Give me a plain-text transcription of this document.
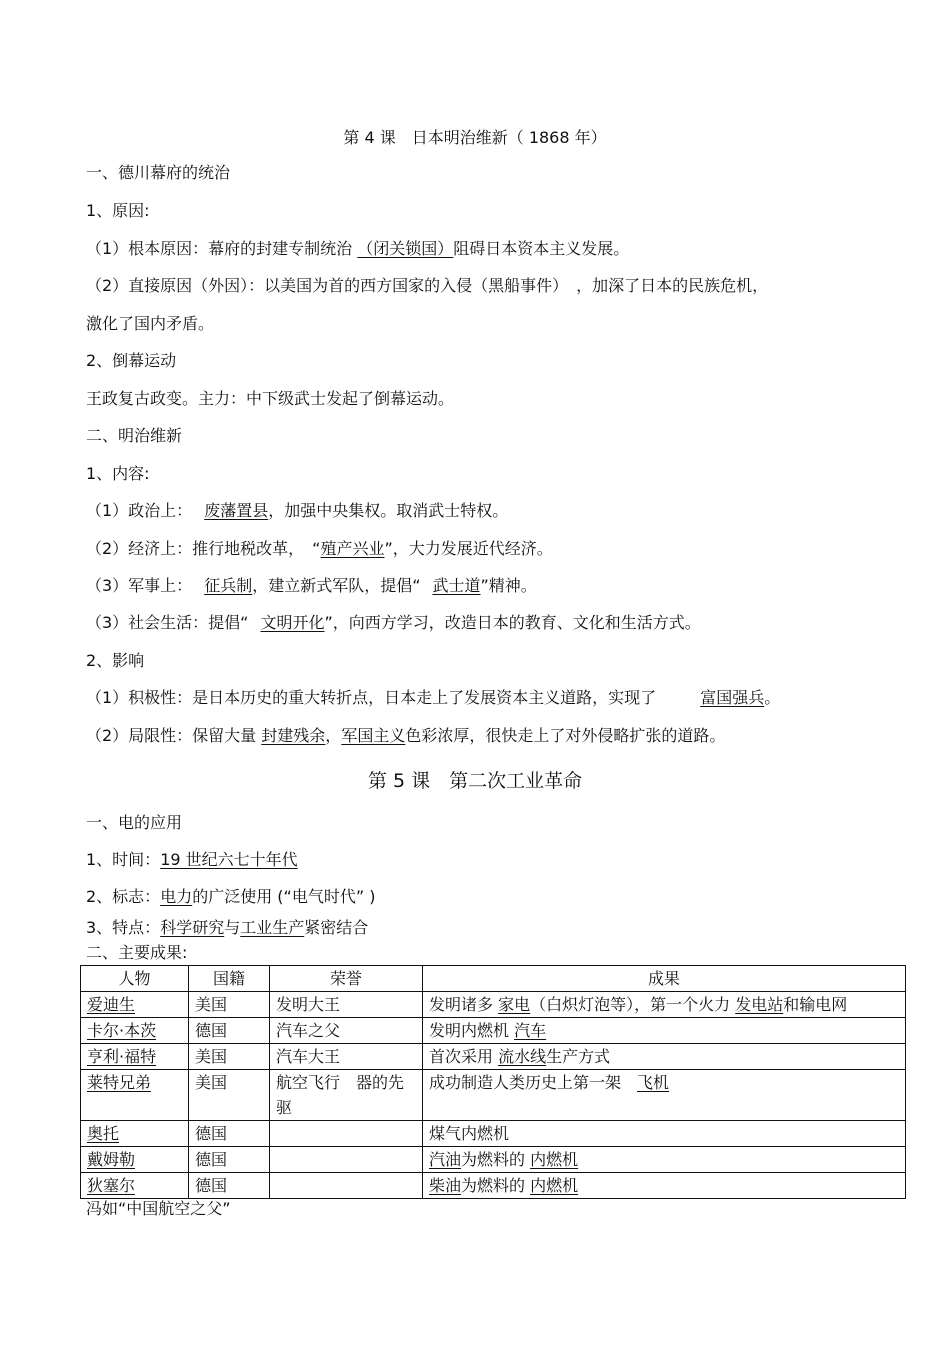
第 4 课　日本明治维新（ 1868 年）
一、德川幕府的统治
1、原因:
（1）根本原因：幕府的封建专制统治 （闭关锁国）阻碍日本资本主义发展。
（2）直接原因（外因）：以美国为首的西方国家的入侵（黑船事件）　，加深了日本的民族危机，
激化了国内矛盾。
2、倒幕运动
王政复古政变。主力：中下级武士发起了倒幕运动。
二、明治维新
1、内容:
（1）政治上： 废藩置县，加强中央集权。取消武士特权。
（2）经济上：推行地税改革，　“殖产兴业”，大力发展近代经济。
（3）军事上： 征兵制，建立新式军队，提倡“ 武士道”精神。
（3）社会生活：提倡“ 文明开化”，向西方学习，改造日本的教育、文化和生活方式。
2、影响
（1）积极性：是日本历史的重大转折点，日本走上了发展资本主义道路，实现了	富国强兵。
（2）局限性：保留大量 封建残余，军国主义色彩浓厚，很快走上了对外侵略扩张的道路。
第 5 课　第二次工业革命
一、电的应用
1、时间：19 世纪六七十年代
2、标志：电力的广泛使用 (“电气时代” )
3、特点：科学研究与工业生产紧密结合
二、主要成果:
人物	国籍	荣誉	成果
爱迪生	美国	发明大王	发明诸多 家电（白炽灯泡等），第一个火力 发电站和输电网
卡尔·本茨	德国	汽车之父	发明内燃机 汽车
亨利·福特	美国	汽车大王	首次采用 流水线生产方式
莱特兄弟	美国	航空飞行　器的先驱	成功制造人类历史上第一架　飞机
奥托	德国		煤气内燃机
戴姆勒	德国		汽油为燃料的 内燃机
狄塞尔	德国		柴油为燃料的 内燃机
冯如“中国航空之父”
